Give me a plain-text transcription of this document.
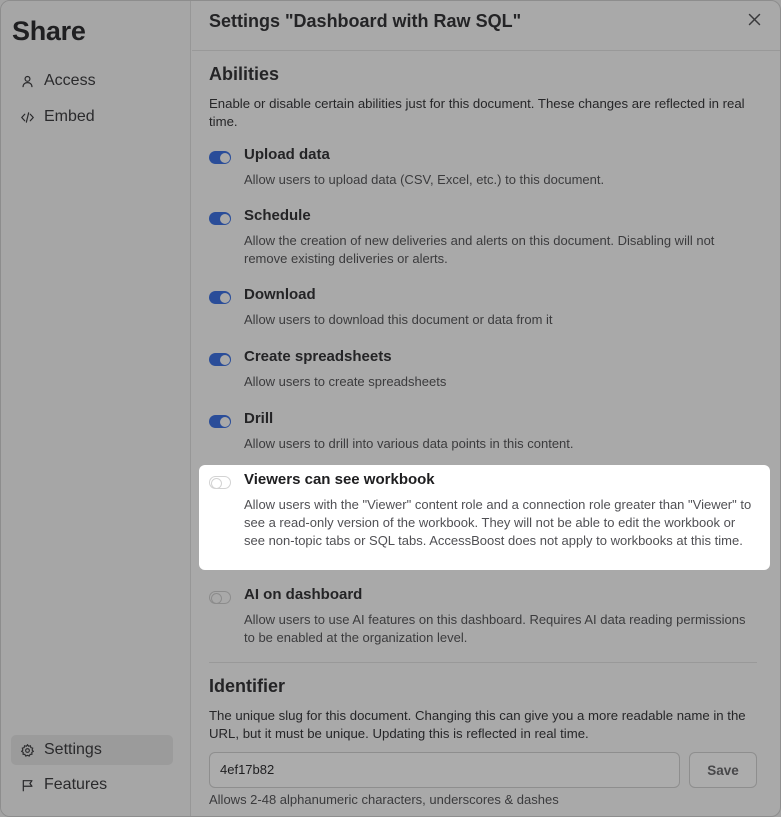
Share
Access
Embed
Settings
Features
Settings "Dashboard with Raw SQL"
Abilities
Enable or disable certain abilities just for this document. These changes are reflected in real time.
Upload data
Allow users to upload data (CSV, Excel, etc.) to this document.
Schedule
Allow the creation of new deliveries and alerts on this document. Disabling will not remove existing deliveries or alerts.
Download
Allow users to download this document or data from it
Create spreadsheets
Allow users to create spreadsheets
Drill
Allow users to drill into various data points in this content.
Viewers can see workbook
Allow users with the "Viewer" content role and a connection role greater than "Viewer" to see a read-only version of the workbook. They will not be able to edit the workbook or see non-topic tabs or SQL tabs. AccessBoost does not apply to workbooks at this time.
AI on dashboard
Allow users to use AI features on this dashboard. Requires AI data reading permissions to be enabled at the organization level.
Identifier
The unique slug for this document. Changing this can give you a more readable name in the URL, but it must be unique. Updating this is reflected in real time.
4ef17b82	Save
Allows 2-48 alphanumeric characters, underscores & dashes
